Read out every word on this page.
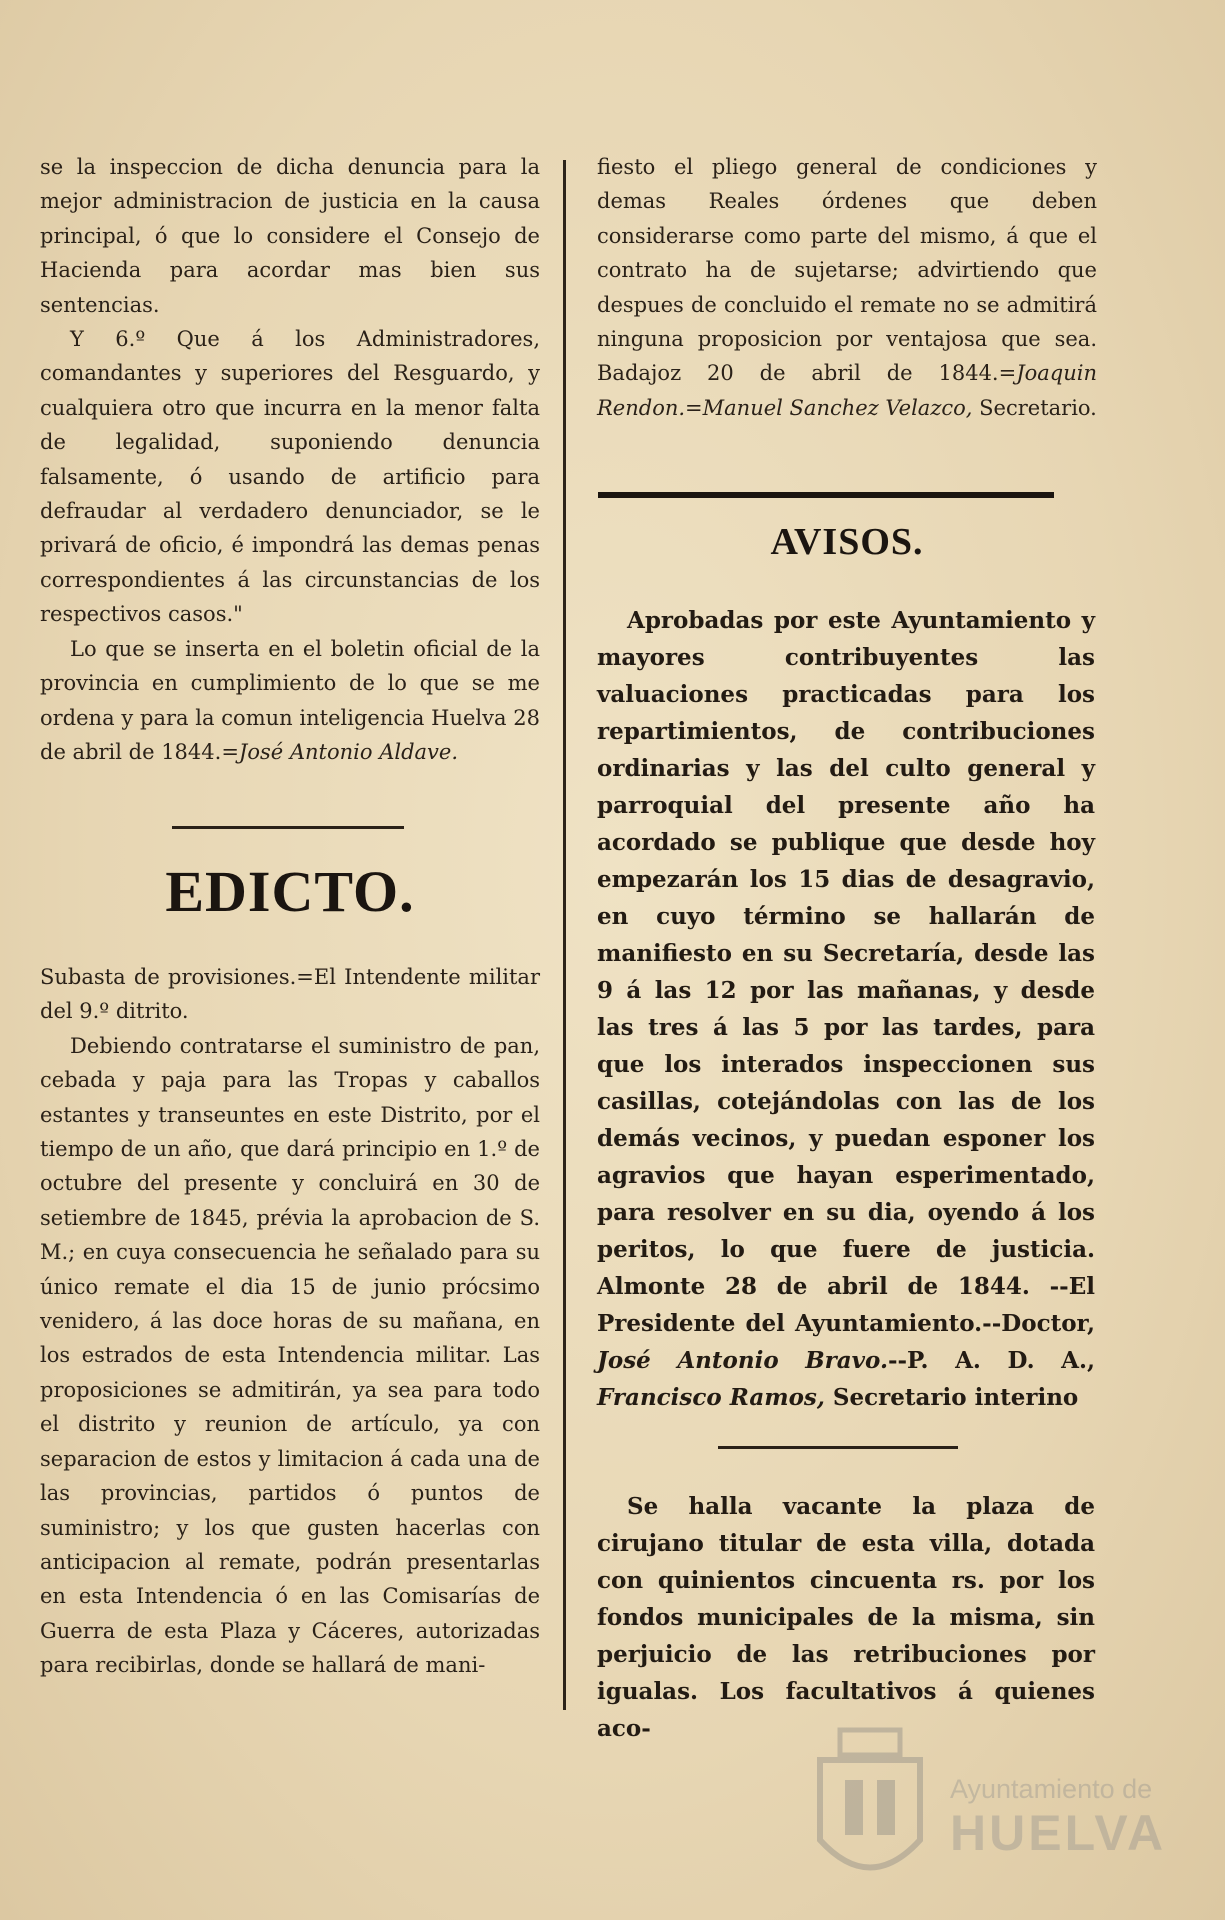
se la inspeccion de dicha denuncia para la mejor administracion de justicia en la causa principal, ó que lo considere el Consejo de Hacienda para acordar mas bien sus sentencias.

Y 6.º Que á los Administradores, comandantes y superiores del Resguardo, y cualquiera otro que incurra en la menor falta de legalidad, suponiendo denuncia falsamente, ó usando de artificio para defraudar al verdadero denunciador, se le privará de oficio, é impondrá las demas penas correspondientes á las circunstancias de los respectivos casos."

Lo que se inserta en el boletin oficial de la provincia en cumplimiento de lo que se me ordena y para la comun inteligencia Huelva 28 de abril de 1844.=José Antonio Aldave.

EDICTO.

Subasta de provisiones.=El Intendente militar del 9.º ditrito.

Debiendo contratarse el suministro de pan, cebada y paja para las Tropas y caballos estantes y transeuntes en este Distrito, por el tiempo de un año, que dará principio en 1.º de octubre del presente y concluirá en 30 de setiembre de 1845, prévia la aprobacion de S. M.; en cuya consecuencia he señalado para su único remate el dia 15 de junio prócsimo venidero, á las doce horas de su mañana, en los estrados de esta Intendencia militar. Las proposiciones se admitirán, ya sea para todo el distrito y reunion de artículo, ya con separacion de estos y limitacion á cada una de las provincias, partidos ó puntos de suministro; y los que gusten hacerlas con anticipacion al remate, podrán presentarlas en esta Intendencia ó en las Comisarías de Guerra de esta Plaza y Cáceres, autorizadas para recibirlas, donde se hallará de mani-

fiesto el pliego general de condiciones y demas Reales órdenes que deben considerarse como parte del mismo, á que el contrato ha de sujetarse; advirtiendo que despues de concluido el remate no se admitirá ninguna proposicion por ventajosa que sea. Badajoz 20 de abril de 1844.=Joaquin Rendon.=Manuel Sanchez Velazco, Secretario.

AVISOS.

Aprobadas por este Ayuntamiento y mayores contribuyentes las valuaciones practicadas para los repartimientos, de contribuciones ordinarias y las del culto general y parroquial del presente año ha acordado se publique que desde hoy empezarán los 15 dias de desagravio, en cuyo término se hallarán de manifiesto en su Secretaría, desde las 9 á las 12 por las mañanas, y desde las tres á las 5 por las tardes, para que los interados inspeccionen sus casillas, cotejándolas con las de los demás vecinos, y puedan esponer los agravios que hayan esperimentado, para resolver en su dia, oyendo á los peritos, lo que fuere de justicia. Almonte 28 de abril de 1844. --El Presidente del Ayuntamiento.--Doctor, José Antonio Bravo.--P. A. D. A., Francisco Ramos, Secretario interino

Se halla vacante la plaza de cirujano titular de esta villa, dotada con quinientos cincuenta rs. por los fondos municipales de la misma, sin perjuicio de las retribuciones por igualas. Los facultativos á quienes aco-

Ayuntamiento de
HUELVA
